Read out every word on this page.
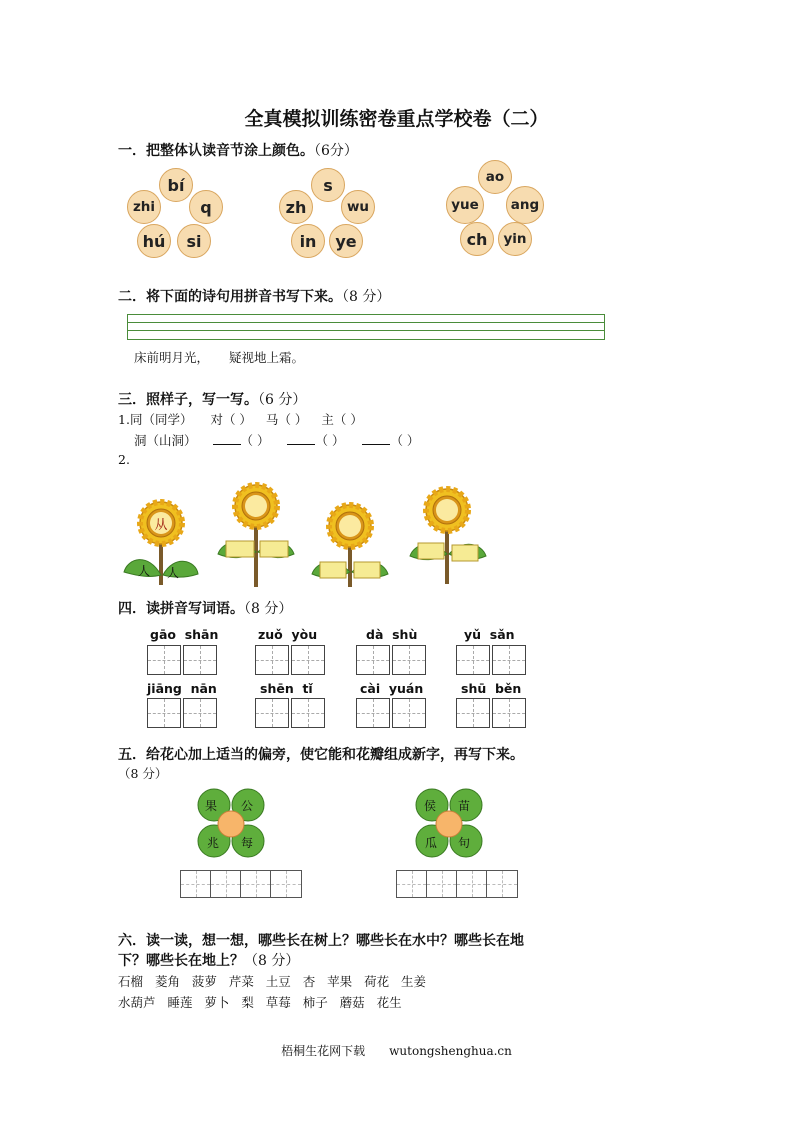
全真模拟训练密卷重点学校卷（二）
一．把整体认读音节涂上颜色。（6分）
bí
zhi	q
hú	si
s
zh	wu
in	ye
ao
yue	ang
ch	yin
二．将下面的诗句用拼音书写下来。（8 分）
床前明月光， 疑视地上霜。
三．照样子，写一写。（6 分）
1.同（同学） 对（ ） 马（ ） 主（ ）
洞（山洞）	（ ）	（ ）	（ ）
2.
从
人 人
四．读拼音写词语。（8 分）
gāo shān	zuǒ yòu	dà shù	yǔ sǎn
jiāng nān	shēn tǐ	cài yuán	shū běn
五．给花心加上适当的偏旁，使它能和花瓣组成新字，再写下来。
（8 分）
果 公
兆 每
侯 苗
瓜 句
六．读一读，想一想，哪些长在树上？哪些长在水中？哪些长在地
下？哪些长在地上？（8 分）
石榴 菱角 菠萝 芹菜 土豆 杏 苹果 荷花 生姜
水葫芦 睡莲 萝卜 梨 草莓 柿子 蘑菇 花生
梧桐生花网下载 wutongshenghua.cn
